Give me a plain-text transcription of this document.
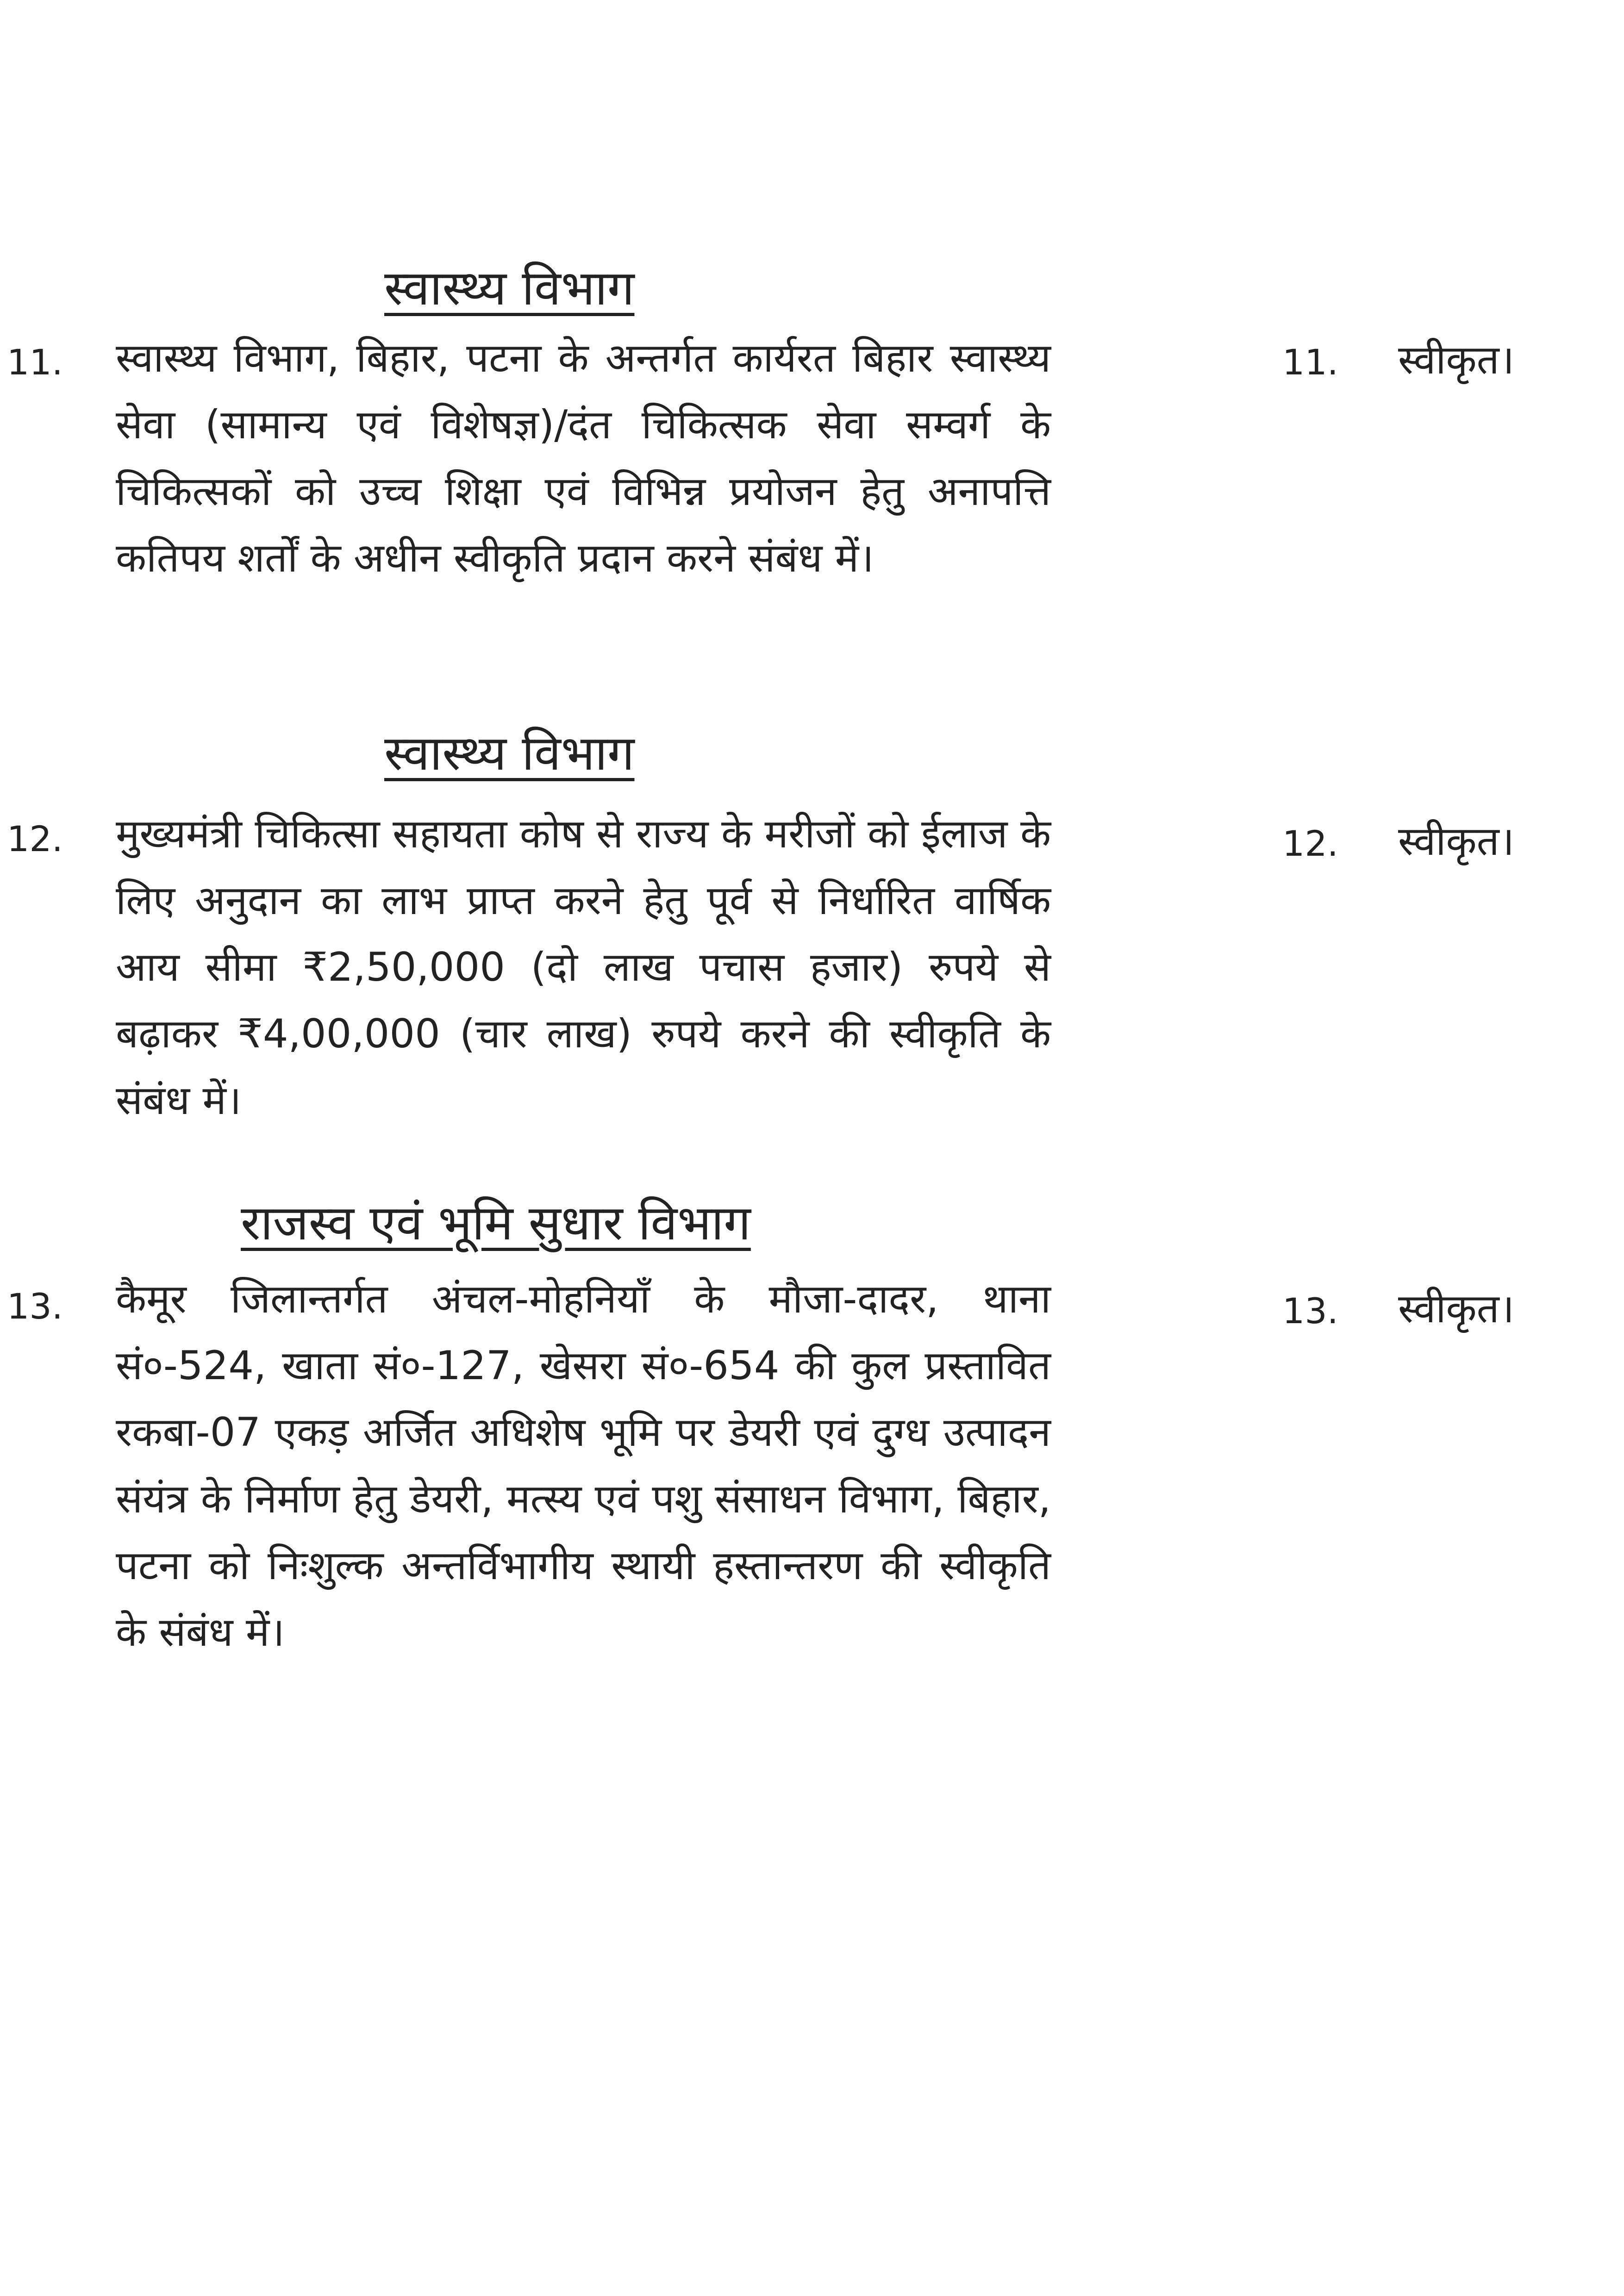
स्वास्थ्य विभाग
11. स्वास्थ्य विभाग, बिहार, पटना के अन्तर्गत कार्यरत बिहार स्वास्थ्य सेवा (सामान्य एवं विशेषज्ञ)/दंत चिकित्सक सेवा सम्वर्ग के चिकित्सकों को उच्च शिक्षा एवं विभिन्न प्रयोजन हेतु अनापत्ति कतिपय शर्तों के अधीन स्वीकृति प्रदान करने संबंध में।
11. स्वीकृत।
स्वास्थ्य विभाग
12. मुख्यमंत्री चिकित्सा सहायता कोष से राज्य के मरीजों को ईलाज के लिए अनुदान का लाभ प्राप्त करने हेतु पूर्व से निर्धारित वार्षिक आय सीमा ₹2,50,000 (दो लाख पचास हजार) रुपये से बढ़ाकर ₹4,00,000 (चार लाख) रुपये करने की स्वीकृति के संबंध में।
12. स्वीकृत।
राजस्व एवं भूमि सुधार विभाग
13. कैमूर जिलान्तर्गत अंचल-मोहनियाँ के मौजा-दादर, थाना सं०-524, खाता सं०-127, खेसरा सं०-654 की कुल प्रस्तावित रकबा-07 एकड़ अर्जित अधिशेष भूमि पर डेयरी एवं दुग्ध उत्पादन संयंत्र के निर्माण हेतु डेयरी, मत्स्य एवं पशु संसाधन विभाग, बिहार, पटना को निःशुल्क अन्तर्विभागीय स्थायी हस्तान्तरण की स्वीकृति के संबंध में।
13. स्वीकृत।
